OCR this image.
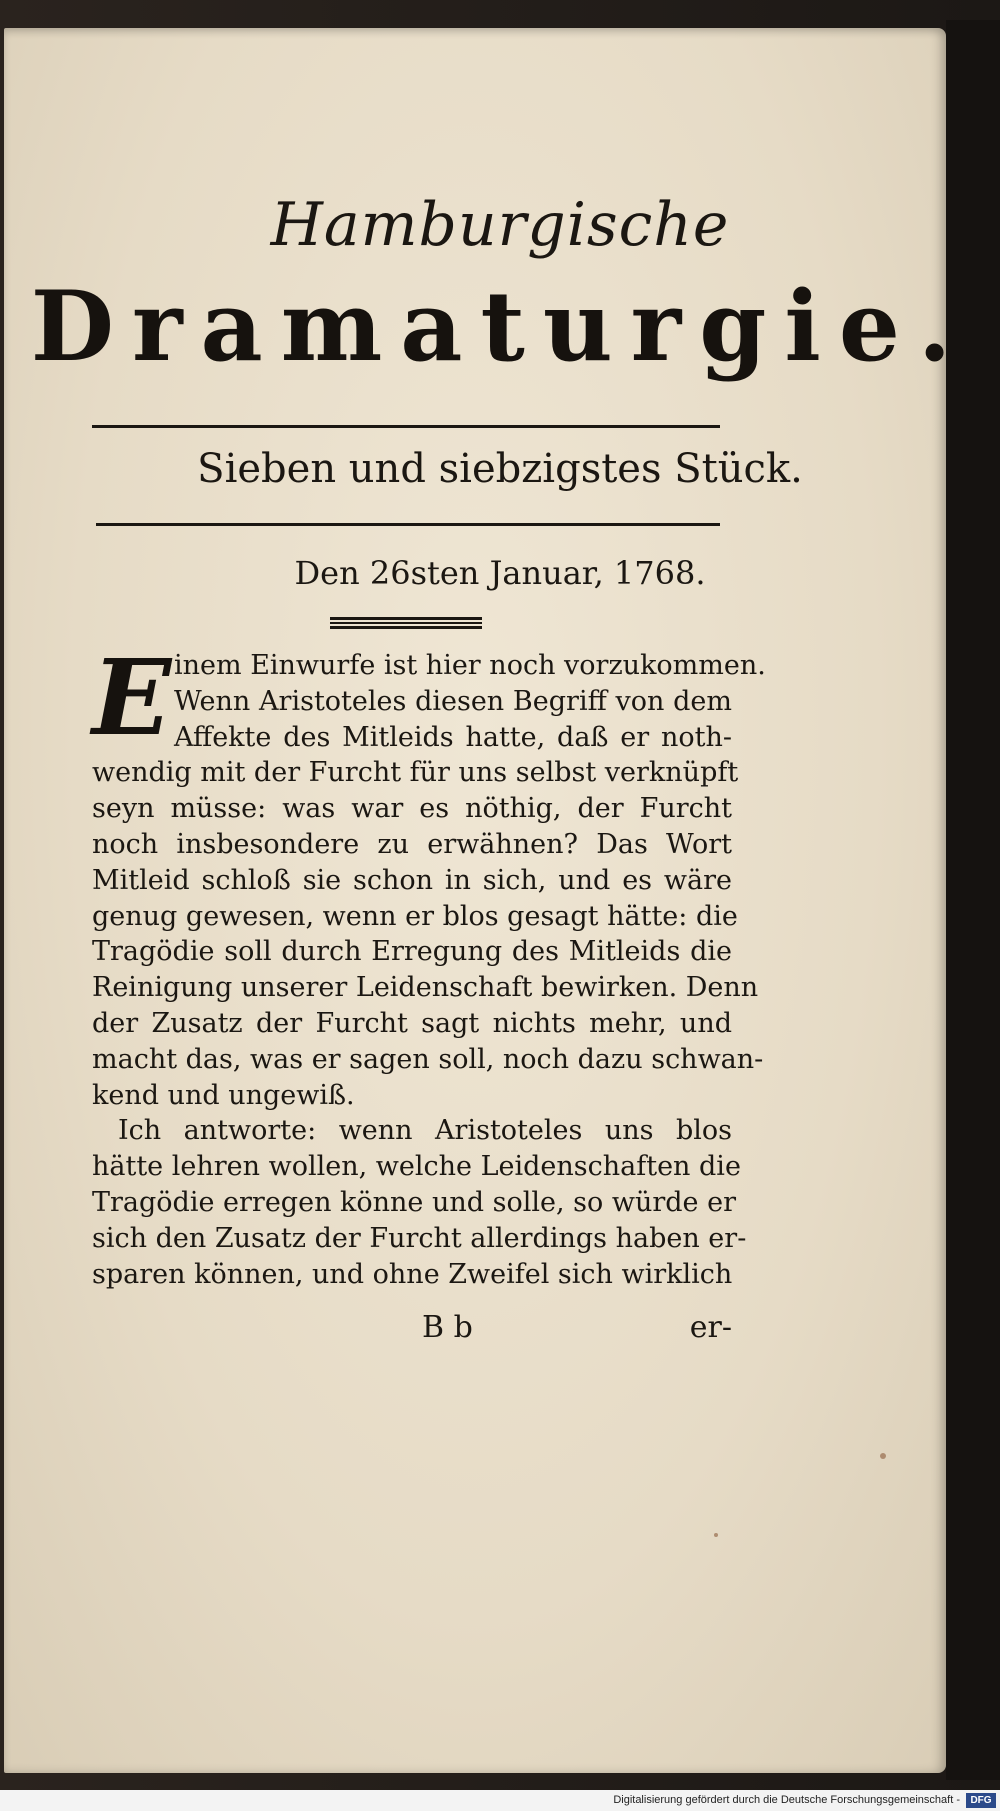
Hamburgische
Dramaturgie.
Sieben und siebzigstes Stück.
Den 26sten Januar, 1768.
E inem Einwurfe ist hier noch vorzukommen.
Wenn Aristoteles diesen Begriff von dem
Affekte des Mitleids hatte, daß er noth-
wendig mit der Furcht für uns selbst verknüpft
seyn müsse: was war es nöthig, der Furcht
noch insbesondere zu erwähnen? Das Wort
Mitleid schloß sie schon in sich, und es wäre
genug gewesen, wenn er blos gesagt hätte: die
Tragödie soll durch Erregung des Mitleids die
Reinigung unserer Leidenschaft bewirken. Denn
der Zusatz der Furcht sagt nichts mehr, und
macht das, was er sagen soll, noch dazu schwan-
kend und ungewiß.
Ich antworte: wenn Aristoteles uns blos
hätte lehren wollen, welche Leidenschaften die
Tragödie erregen könne und solle, so würde er
sich den Zusatz der Furcht allerdings haben er-
sparen können, und ohne Zweifel sich wirklich
B b	er-
Digitalisierung gefördert durch die Deutsche Forschungsgemeinschaft -	DFG
